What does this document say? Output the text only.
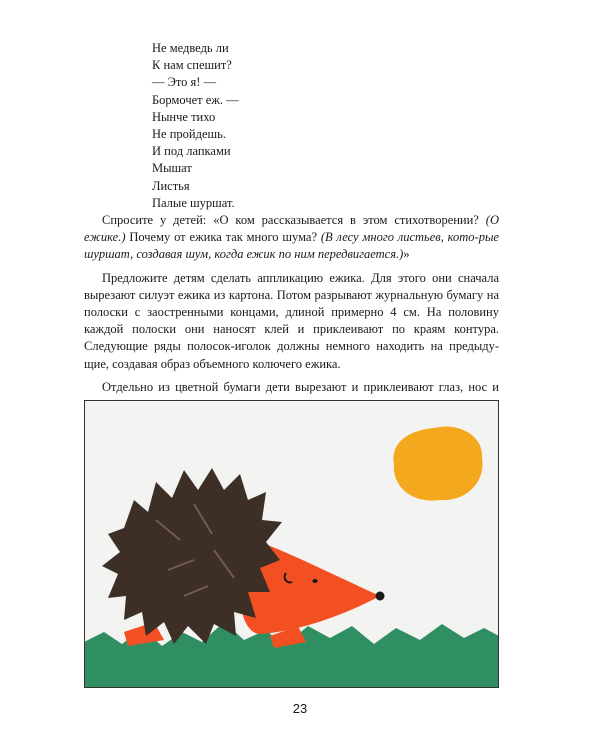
Не медведь ли
К нам спешит?
— Это я! —
Бормочет еж. —
Нынче тихо
Не пройдешь.
И под лапками
Мышат
Листья
Палые шуршат.

Спросите у детей: «О ком рассказывается в этом стихотворении? (О ежике.) Почему от ежика так много шума? (В лесу много листьев, кото-рые шуршат, создавая шум, когда ежик по ним передвигается.)»

Предложите детям сделать аппликацию ежика. Для этого они сначала вырезают силуэт ежика из картона. Потом разрывают журнальную бумагу на полоски с заостренными концами, длиной примерно 4 см. На половину каждой полоски они наносят клей и приклеивают по краям контура. Следующие ряды полосок-иголок должны немного находить на предыду-щие, создавая образ объемного колючего ежика.

Отдельно из цветной бумаги дети вырезают и приклеивают глаз, нос и

23
